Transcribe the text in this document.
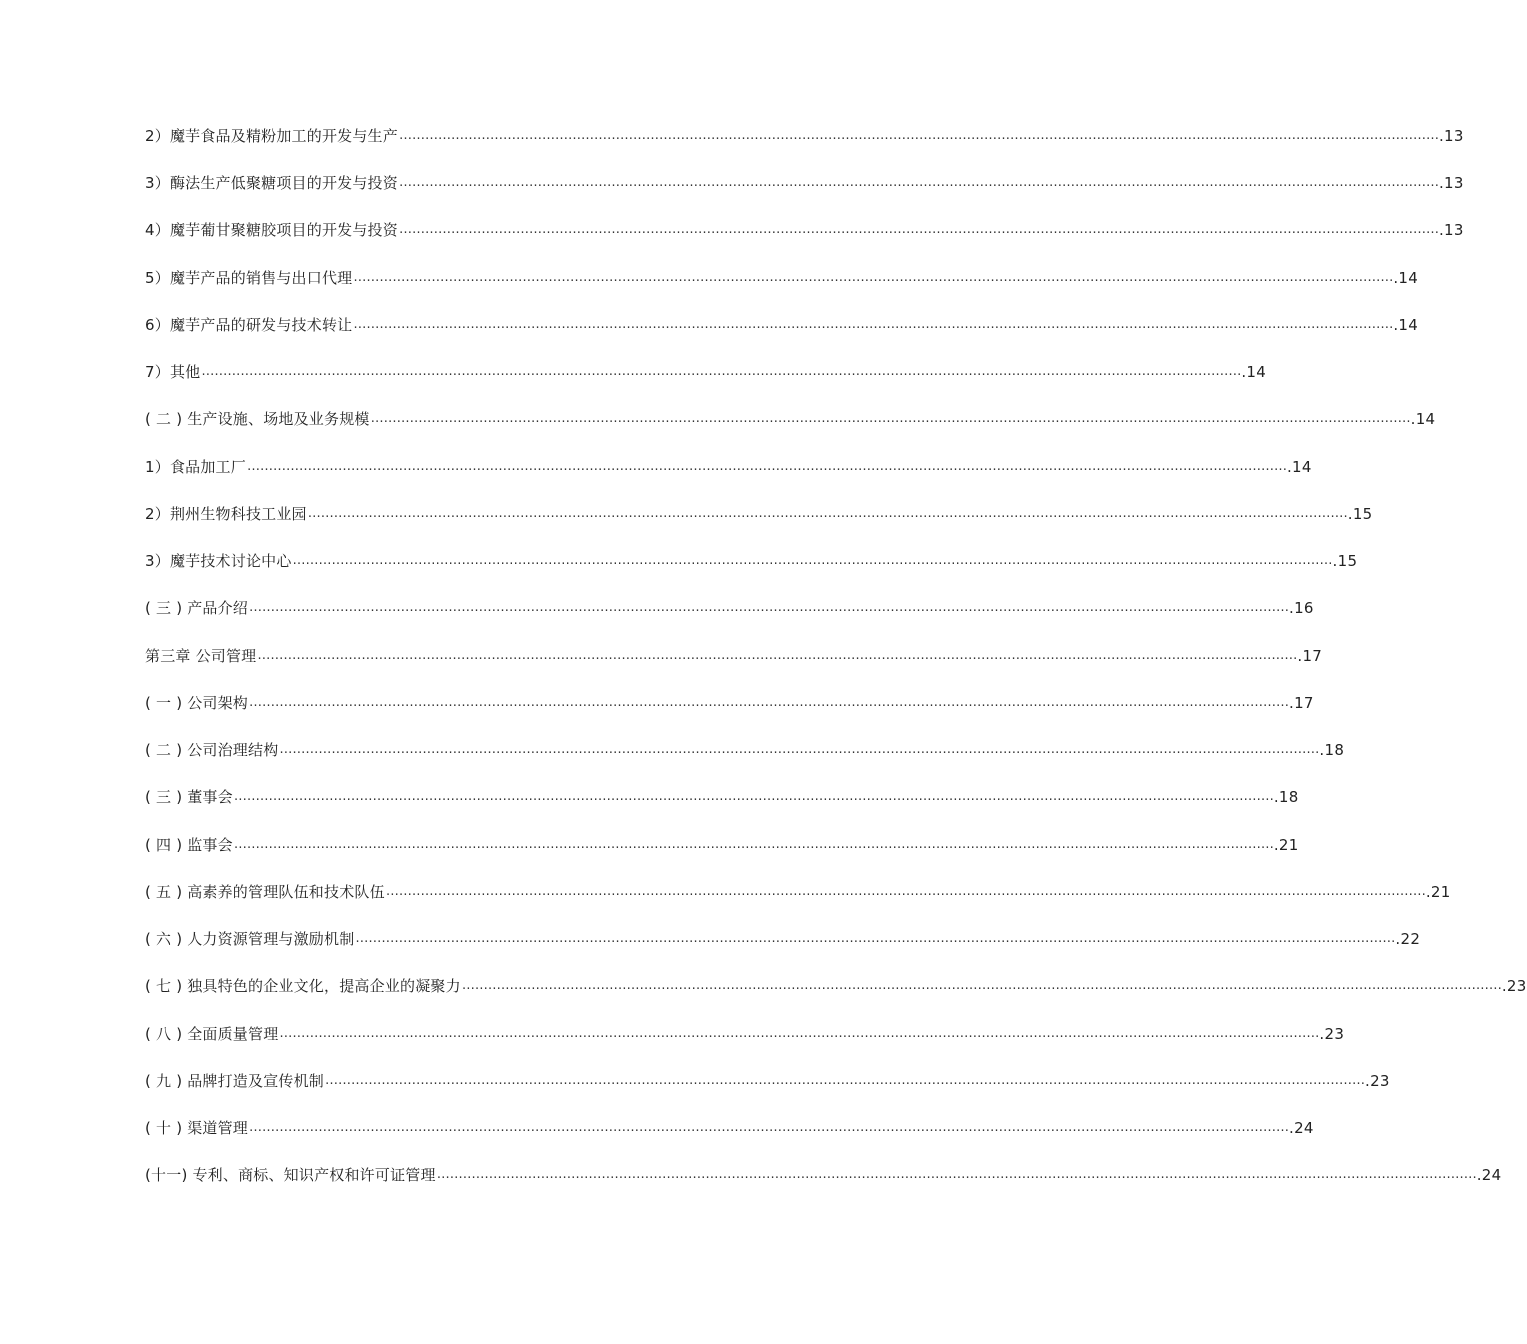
2）魔芋食品及精粉加工的开发与生产 …………………………………………………………………………………………………………………………………………………………………………………………………………………… .13
3）酶法生产低聚糖项目的开发与投资 …………………………………………………………………………………………………………………………………………………………………………………………………………………… .13
4）魔芋葡甘聚糖胶项目的开发与投资 …………………………………………………………………………………………………………………………………………………………………………………………………………………… .13
5）魔芋产品的销售与出口代理 …………………………………………………………………………………………………………………………………………………………………………………………………………………… .14
6）魔芋产品的研发与技术转让 …………………………………………………………………………………………………………………………………………………………………………………………………………………… .14
7）其他 …………………………………………………………………………………………………………………………………………………………………………………………………………………… .14
( 二 ) 生产设施、场地及业务规模 …………………………………………………………………………………………………………………………………………………………………………………………………………………… .14
1）食品加工厂 …………………………………………………………………………………………………………………………………………………………………………………………………………………… .14
2）荆州生物科技工业园 …………………………………………………………………………………………………………………………………………………………………………………………………………………… .15
3）魔芋技术讨论中心 …………………………………………………………………………………………………………………………………………………………………………………………………………………… .15
( 三 ) 产品介绍 …………………………………………………………………………………………………………………………………………………………………………………………………………………… .16
第三章 公司管理 …………………………………………………………………………………………………………………………………………………………………………………………………………………… .17
( 一 ) 公司架构 …………………………………………………………………………………………………………………………………………………………………………………………………………………… .17
( 二 ) 公司治理结构 …………………………………………………………………………………………………………………………………………………………………………………………………………………… .18
( 三 ) 董事会 …………………………………………………………………………………………………………………………………………………………………………………………………………………… .18
( 四 ) 监事会 …………………………………………………………………………………………………………………………………………………………………………………………………………………… .21
( 五 ) 高素养的管理队伍和技术队伍 …………………………………………………………………………………………………………………………………………………………………………………………………………………… .21
( 六 ) 人力资源管理与激励机制 …………………………………………………………………………………………………………………………………………………………………………………………………………………… .22
( 七 ) 独具特色的企业文化，提高企业的凝聚力 …………………………………………………………………………………………………………………………………………………………………………………………………………………… .23
( 八 ) 全面质量管理 …………………………………………………………………………………………………………………………………………………………………………………………………………………… .23
( 九 ) 品牌打造及宣传机制 …………………………………………………………………………………………………………………………………………………………………………………………………………………… .23
( 十 ) 渠道管理 …………………………………………………………………………………………………………………………………………………………………………………………………………………… .24
(十一) 专利、商标、知识产权和许可证管理 …………………………………………………………………………………………………………………………………………………………………………………………………………………… .24
